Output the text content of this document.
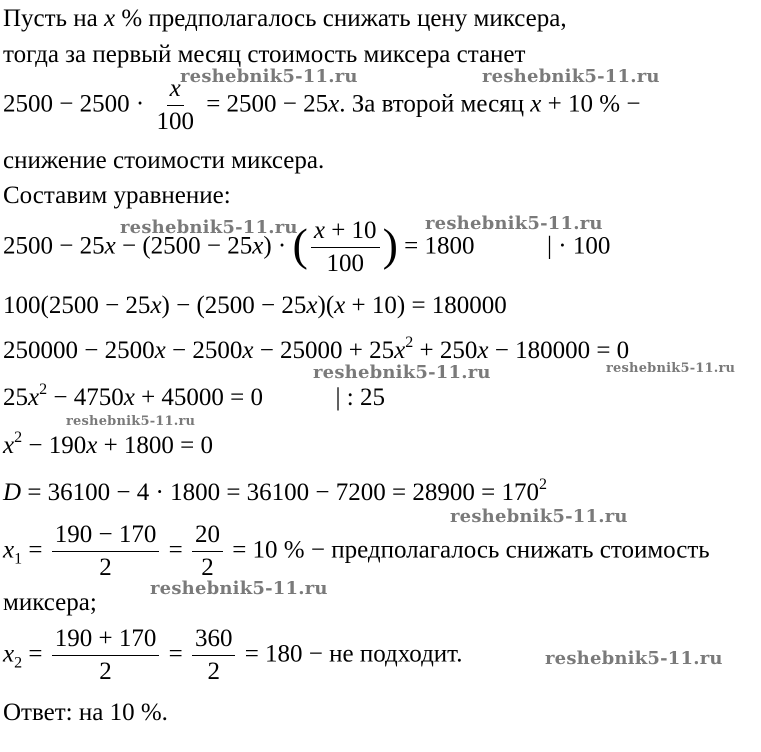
Пусть на x % предполагалось снижать цену миксера,
тогда за первый месяц стоимость миксера станет
$2500 - 2500 \cdot \frac{x}{100} = 2500 - 25x$. За второй месяц x + 10 % −
снижение стоимости миксера.
Составим уравнение:
2500 − 25x − (2500 − 25x) · ( $\frac{x + 10}{100}$ ) = 1800	| · 100
100(2500 − 25x) − (2500 − 25x)(x + 10) = 180000
$250000 - 2500x - 2500x - 25000 + 25x^2 + 250x - 180000 = 0$
$25x^2 - 4750x + 45000 = 0$	| : 25
$x^2 - 190x + 1800 = 0$
$D = 36100 - 4 \cdot 1800 = 36100 - 7200 = 28900 = 170^2$
$x_1 = \frac{190 - 170}{2} = \frac{20}{2} = 10$ % − предполагалось снижать стоимость
миксера;
$x_2 = \frac{190 + 170}{2} = \frac{360}{2} = 180$ − не подходит.
Ответ: на 10 %.
reshebnik5-11.ru	reshebnik5-11.ru
reshebnik5-11.ru	reshebnik5-11.ru
reshebnik5-11.ru	reshebnik5-11.ru
reshebnik5-11.ru
reshebnik5-11.ru
reshebnik5-11.ru
reshebnik5-11.ru
